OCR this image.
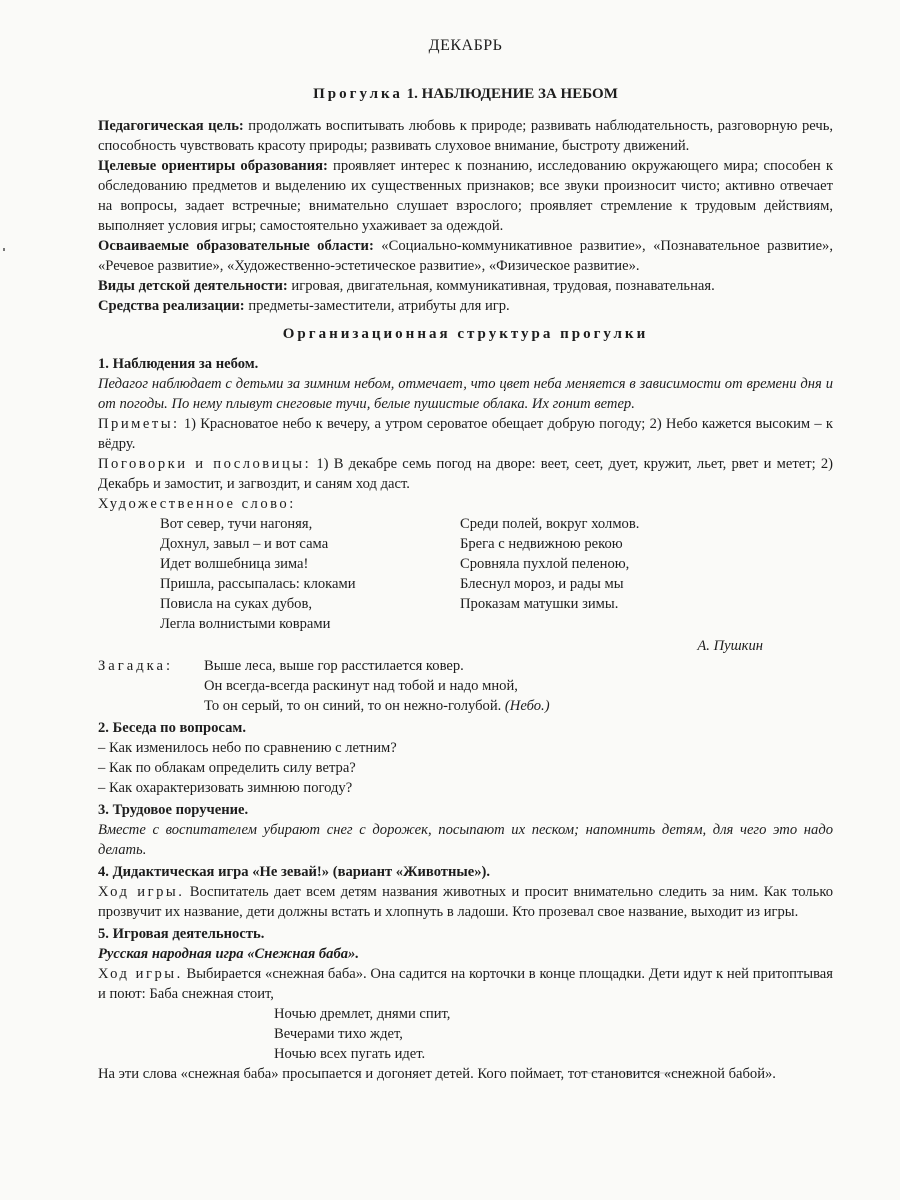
ДЕКАБРЬ
Прогулка 1. НАБЛЮДЕНИЕ ЗА НЕБОМ

Педагогическая цель: продолжать воспитывать любовь к природе; развивать наблюдательность, разговорную речь, способность чувствовать красоту природы; развивать слуховое внимание, быстроту движений.

Целевые ориентиры образования: проявляет интерес к познанию, исследованию окружающего мира; способен к обследованию предметов и выделению их существенных признаков; все звуки произносит чисто; активно отвечает на вопросы, задает встречные; внимательно слушает взрослого; проявляет стремление к трудовым действиям, выполняет условия игры; самостоятельно ухаживает за одеждой.

Осваиваемые образовательные области: «Социально-коммуникативное развитие», «Познавательное развитие», «Речевое развитие», «Художественно-эстетическое развитие», «Физическое развитие».

Виды детской деятельности: игровая, двигательная, коммуникативная, трудовая, познавательная.

Средства реализации: предметы-заместители, атрибуты для игр.

Организационная структура прогулки
1. Наблюдения за небом.

Педагог наблюдает с детьми за зимним небом, отмечает, что цвет неба меняется в зависимости от времени дня и от погоды. По нему плывут снеговые тучи, белые пушистые облака. Их гонит ветер.

Приметы: 1) Красноватое небо к вечеру, а утром сероватое обещает добрую погоду; 2) Небо кажется высоким – к вёдру.

Поговорки и пословицы: 1) В декабре семь погод на дворе: веет, сеет, дует, кружит, льет, рвет и метет; 2) Декабрь и замостит, и загвоздит, и саням ход даст.

Художественное слово:
Вот север, тучи нагоняя,
Дохнул, завыл – и вот сама
Идет волшебница зима!
Пришла, рассыпалась: клоками
Повисла на суках дубов,
Легла волнистыми коврами
Среди полей, вокруг холмов.
Брега с недвижною рекою
Сровняла пухлой пеленою,
Блеснул мороз, и рады мы
Проказам матушки зимы.
А. Пушкин
Загадка:	Выше леса, выше гор расстилается ковер.
Он всегда-всегда раскинут над тобой и надо мной,
То он серый, то он синий, то он нежно-голубой. (Небо.)
2. Беседа по вопросам.
– Как изменилось небо по сравнению с летним?
– Как по облакам определить силу ветра?
– Как охарактеризовать зимнюю погоду?
3. Трудовое поручение.

Вместе с воспитателем убирают снег с дорожек, посыпают их песком; напомнить детям, для чего это надо делать.

4. Дидактическая игра «Не зевай!» (вариант «Животные»).

Ход игры. Воспитатель дает всем детям названия животных и просит внимательно следить за ним. Как только прозвучит их название, дети должны встать и хлопнуть в ладоши. Кто прозевал свое название, выходит из игры.

5. Игровая деятельность.
Русская народная игра «Снежная баба».

Ход игры. Выбирается «снежная баба». Она садится на корточки в конце площадки. Дети идут к ней притоптывая и поют: Баба снежная стоит,

Ночью дремлет, днями спит,
Вечерами тихо ждет,
Ночью всех пугать идет.

На эти слова «снежная баба» просыпается и догоняет детей. Кого поймает, тот становится «снежной бабой».
